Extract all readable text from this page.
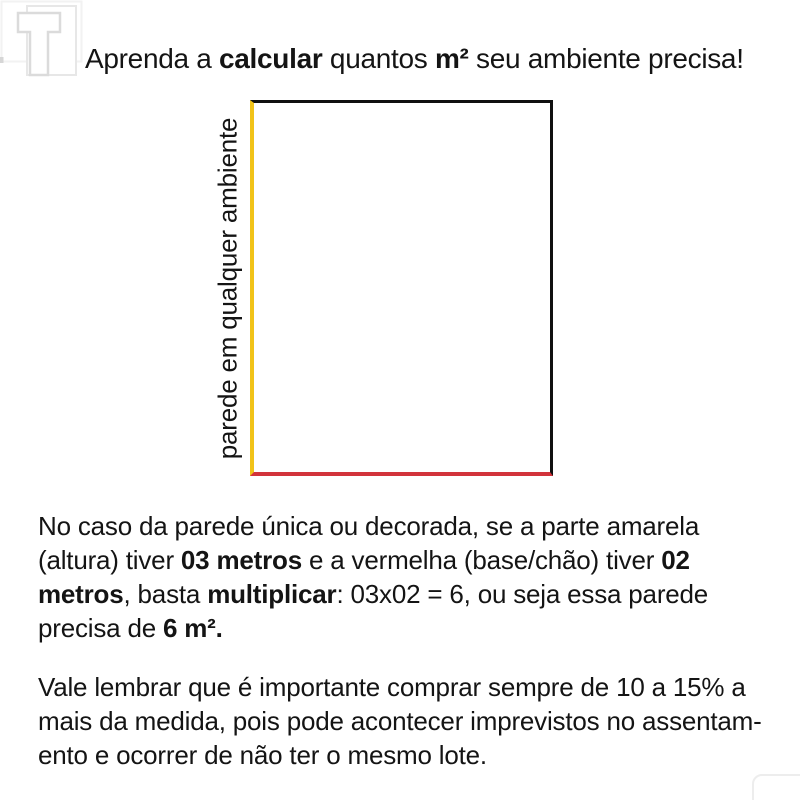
Aprenda a calcular quantos m² seu ambiente precisa!
parede em qualquer ambiente
No caso da parede única ou decorada, se a parte amarela
(altura) tiver 03 metros e a vermelha (base/chão) tiver 02
metros, basta multiplicar: 03x02 = 6, ou seja essa parede
precisa de 6 m².
Vale lembrar que é importante comprar sempre de 10 a 15% a
mais da medida, pois pode acontecer imprevistos no assentam-
ento e ocorrer de não ter o mesmo lote.
